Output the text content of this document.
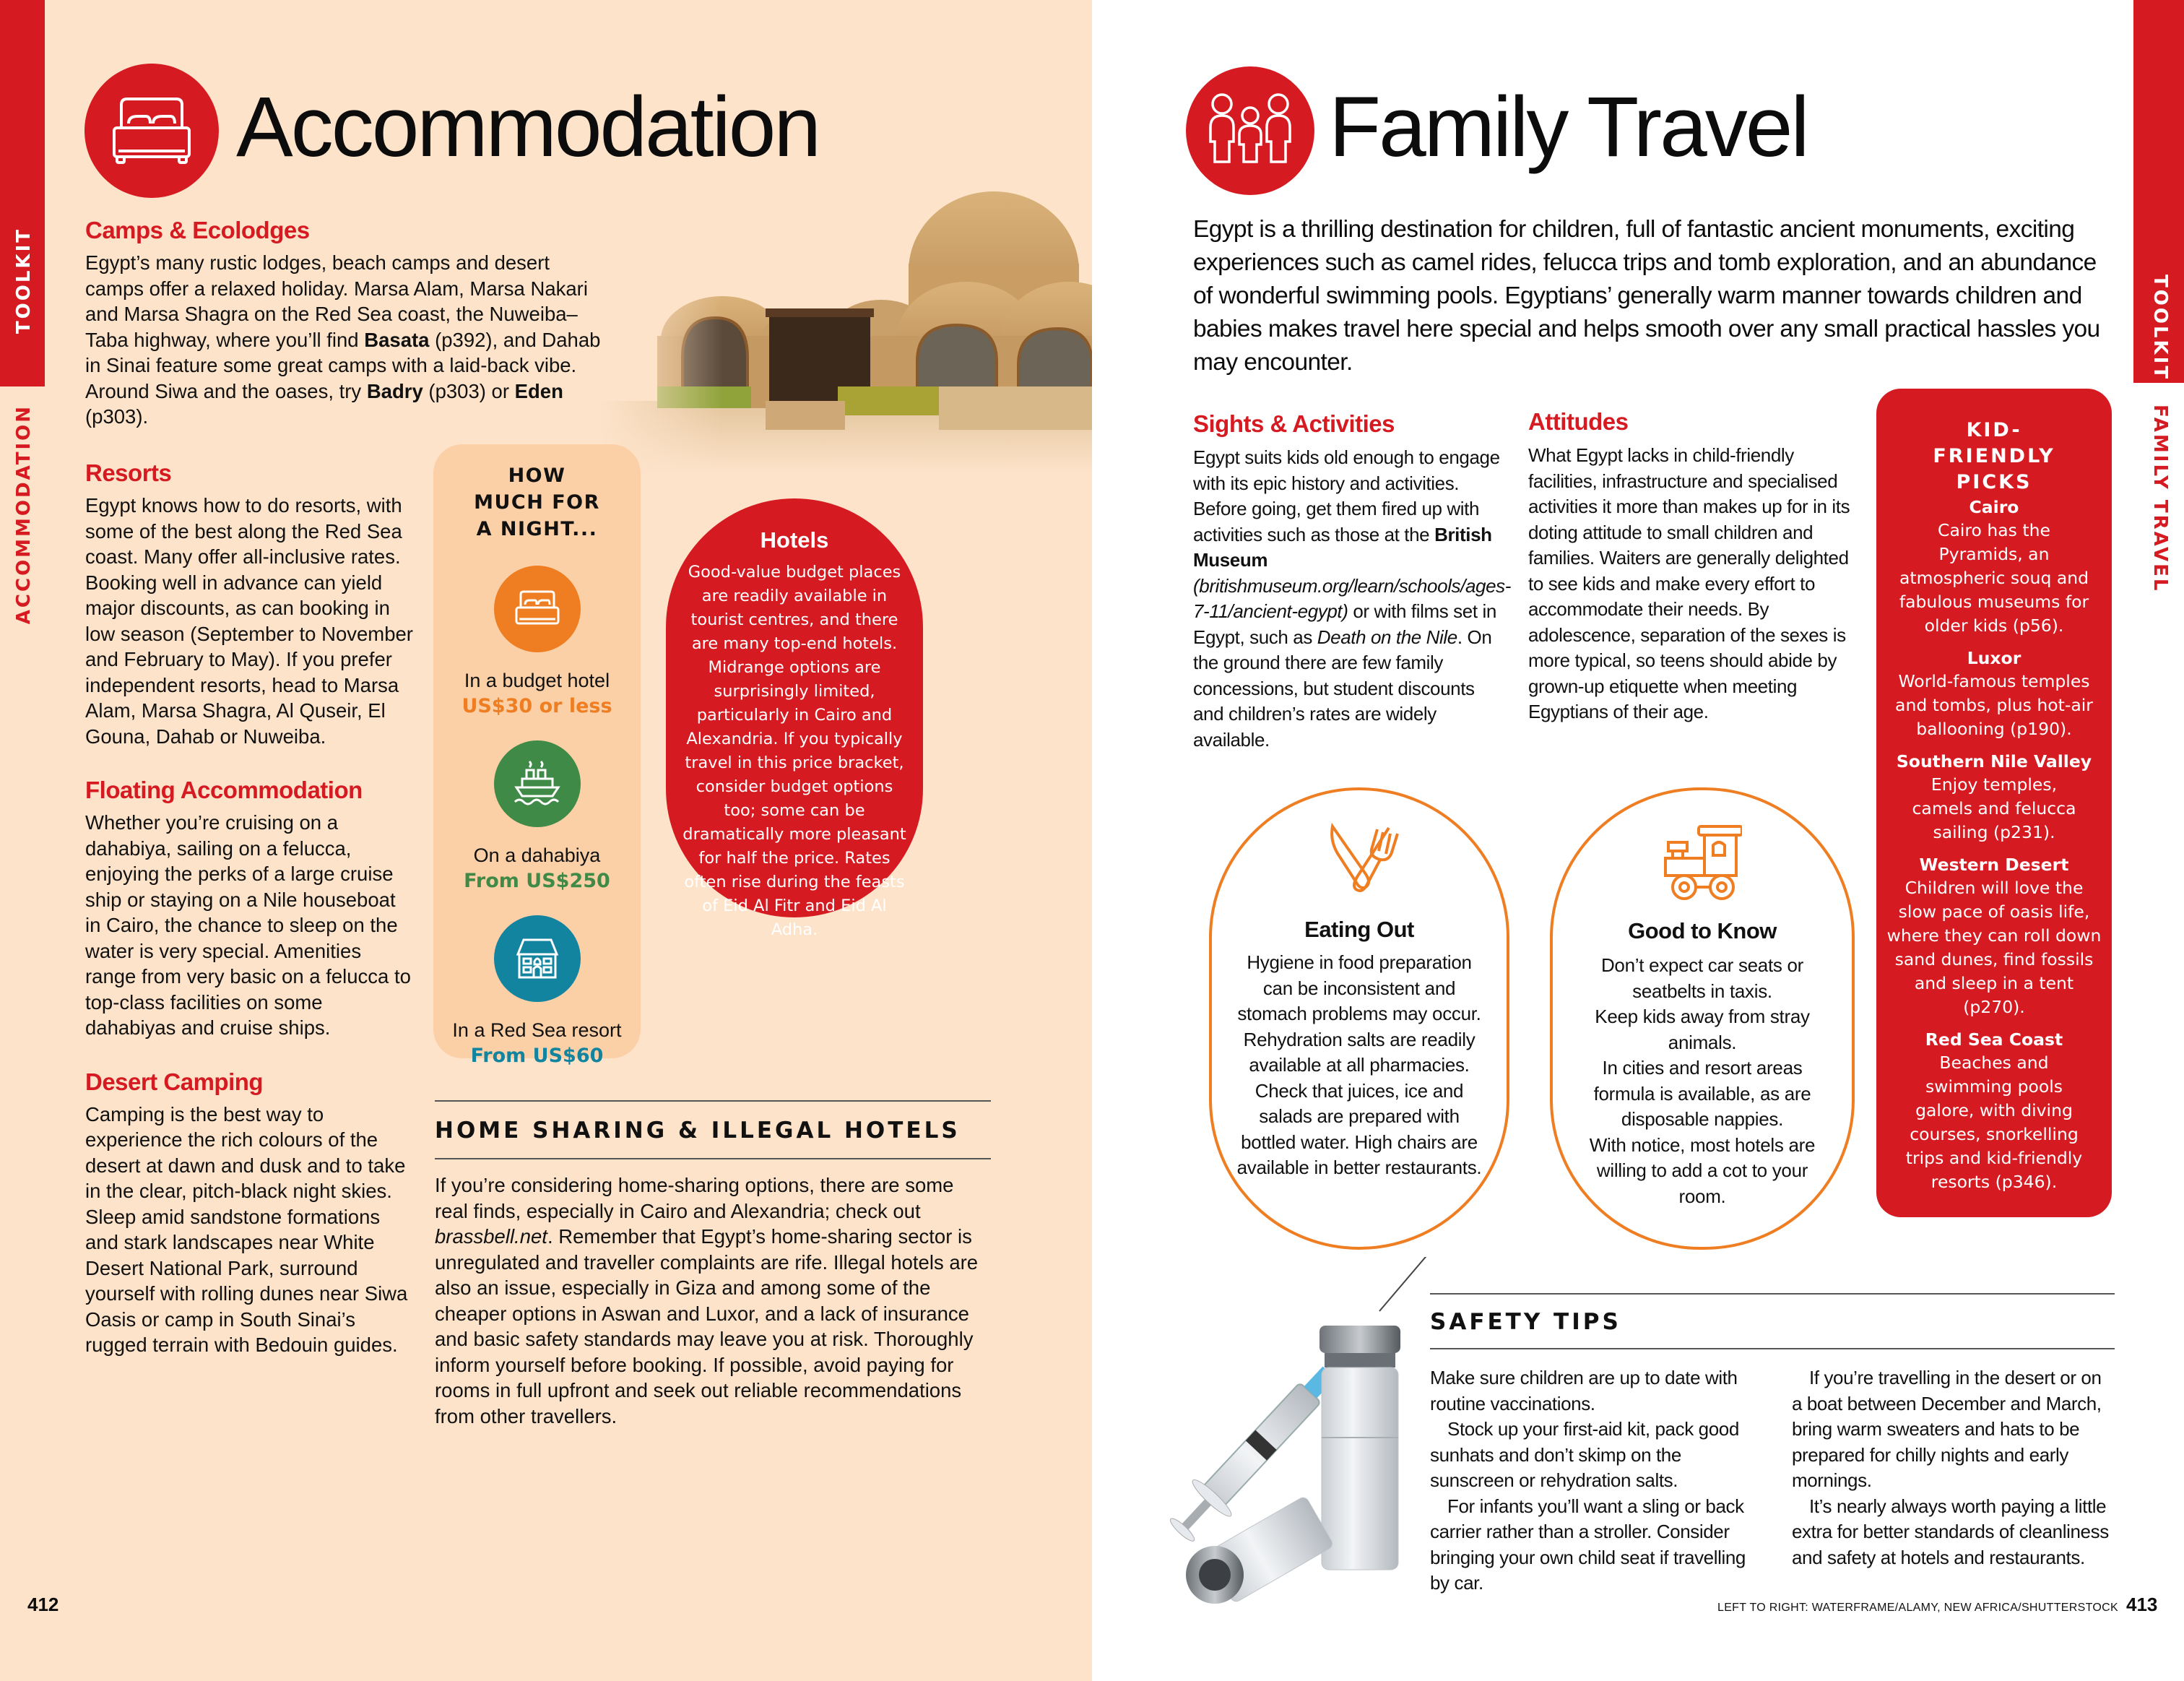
TOOLKIT
ACCOMMODATION
Accommodation
Camps & Ecolodges

Egypt’s many rustic lodges, beach camps and desert camps offer a relaxed holiday. Marsa Alam, Marsa Nakari and Marsa Shagra on the Red Sea coast, the Nuweiba–Taba highway, where you’ll find Basata (p392), and Dahab in Sinai feature some great camps with a laid-back vibe. Around Siwa and the oases, try Badry (p303) or Eden (p303).

Resorts

Egypt knows how to do resorts, with some of the best along the Red Sea coast. Many offer all-inclusive rates. Booking well in advance can yield major discounts, as can booking in low season (September to November and February to May). If you prefer independent resorts, head to Marsa Alam, Marsa Shagra, Al Quseir, El Gouna, Dahab or Nuweiba.

Floating Accommodation

Whether you’re cruising on a dahabiya, sailing on a felucca, enjoying the perks of a large cruise ship or staying on a Nile houseboat in Cairo, the chance to sleep on the water is very special. Amenities range from very basic on a felucca to top-class facilities on some dahabiyas and cruise ships.

Desert Camping

Camping is the best way to experience the rich colours of the desert at dawn and dusk and to take in the clear, pitch-black night skies. Sleep amid sandstone formations and stark landscapes near White Desert National Park, surround yourself with rolling dunes near Siwa Oasis or camp in South Sinai’s rugged terrain with Bedouin guides.

HOW MUCH FOR A NIGHT...
In a budget hotel
US$30 or less
On a dahabiya
From US$250
In a Red Sea resort
From US$60
Hotels
Good-value budget places are readily available in tourist centres, and there are many top-end hotels. Midrange options are surprisingly limited, particularly in Cairo and Alexandria. If you typically travel in this price bracket, consider budget options too; some can be dramatically more pleasant for half the price. Rates often rise during the feasts of Eid Al Fitr and Eid Al Adha.
HOME SHARING & ILLEGAL HOTELS

If you’re considering home-sharing options, there are some real finds, especially in Cairo and Alexandria; check out brassbell.net. Remember that Egypt’s home-sharing sector is unregulated and traveller complaints are rife. Illegal hotels are also an issue, especially in Giza and among some of the cheaper options in Aswan and Luxor, and a lack of insurance and basic safety standards may leave you at risk. Thoroughly inform yourself before booking. If possible, avoid paying for rooms in full upfront and seek out reliable recommendations from other travellers.

412
TOOLKIT
FAMILY TRAVEL
Family Travel

Egypt is a thrilling destination for children, full of fantastic ancient monuments, exciting experiences such as camel rides, felucca trips and tomb exploration, and an abundance of wonderful swimming pools. Egyptians’ generally warm manner towards children and babies makes travel here special and helps smooth over any small practical hassles you may encounter.

Sights & Activities

Egypt suits kids old enough to engage with its epic history and activities. Before going, get them fired up with activities such as those at the British Museum (britishmuseum.org/learn/schools/ages-7-11/ancient-egypt) or with films set in Egypt, such as Death on the Nile. On the ground there are few family concessions, but student discounts and children’s rates are widely available.

Attitudes

What Egypt lacks in child-friendly facilities, infrastructure and specialised activities it more than makes up for in its doting attitude to small children and families. Waiters are generally delighted to see kids and make every effort to accommodate their needs. By adolescence, separation of the sexes is more typical, so teens should abide by grown-up etiquette when meeting Egyptians of their age.

KID-FRIENDLY PICKS
Cairo
Cairo has the Pyramids, an atmospheric souq and fabulous museums for older kids (p56).
Luxor
World-famous temples and tombs, plus hot-air ballooning (p190).
Southern Nile Valley
Enjoy temples, camels and felucca sailing (p231).
Western Desert
Children will love the slow pace of oasis life, where they can roll down sand dunes, find fossils and sleep in a tent (p270).
Red Sea Coast
Beaches and swimming pools galore, with diving courses, snorkelling trips and kid-friendly resorts (p346).
Eating Out

Hygiene in food preparation can be inconsistent and stomach problems may occur. Rehydration salts are readily available at all pharmacies. Check that juices, ice and salads are prepared with bottled water. High chairs are available in better restaurants.

Good to Know

Don’t expect car seats or seatbelts in taxis.

Keep kids away from stray animals.

In cities and resort areas formula is available, as are disposable nappies.

With notice, most hotels are willing to add a cot to your room.

SAFETY TIPS

Make sure children are up to date with routine vaccinations.

Stock up your first-aid kit, pack good sunhats and don’t skimp on the sunscreen or rehydration salts.

For infants you’ll want a sling or back carrier rather than a stroller. Consider bringing your own child seat if travelling by car.

If you’re travelling in the desert or on a boat between December and March, bring warm sweaters and hats to be prepared for chilly nights and early mornings.

It’s nearly always worth paying a little extra for better standards of cleanliness and safety at hotels and restaurants.

LEFT TO RIGHT: WATERFRAME/ALAMY, NEW AFRICA/SHUTTERSTOCK 413
